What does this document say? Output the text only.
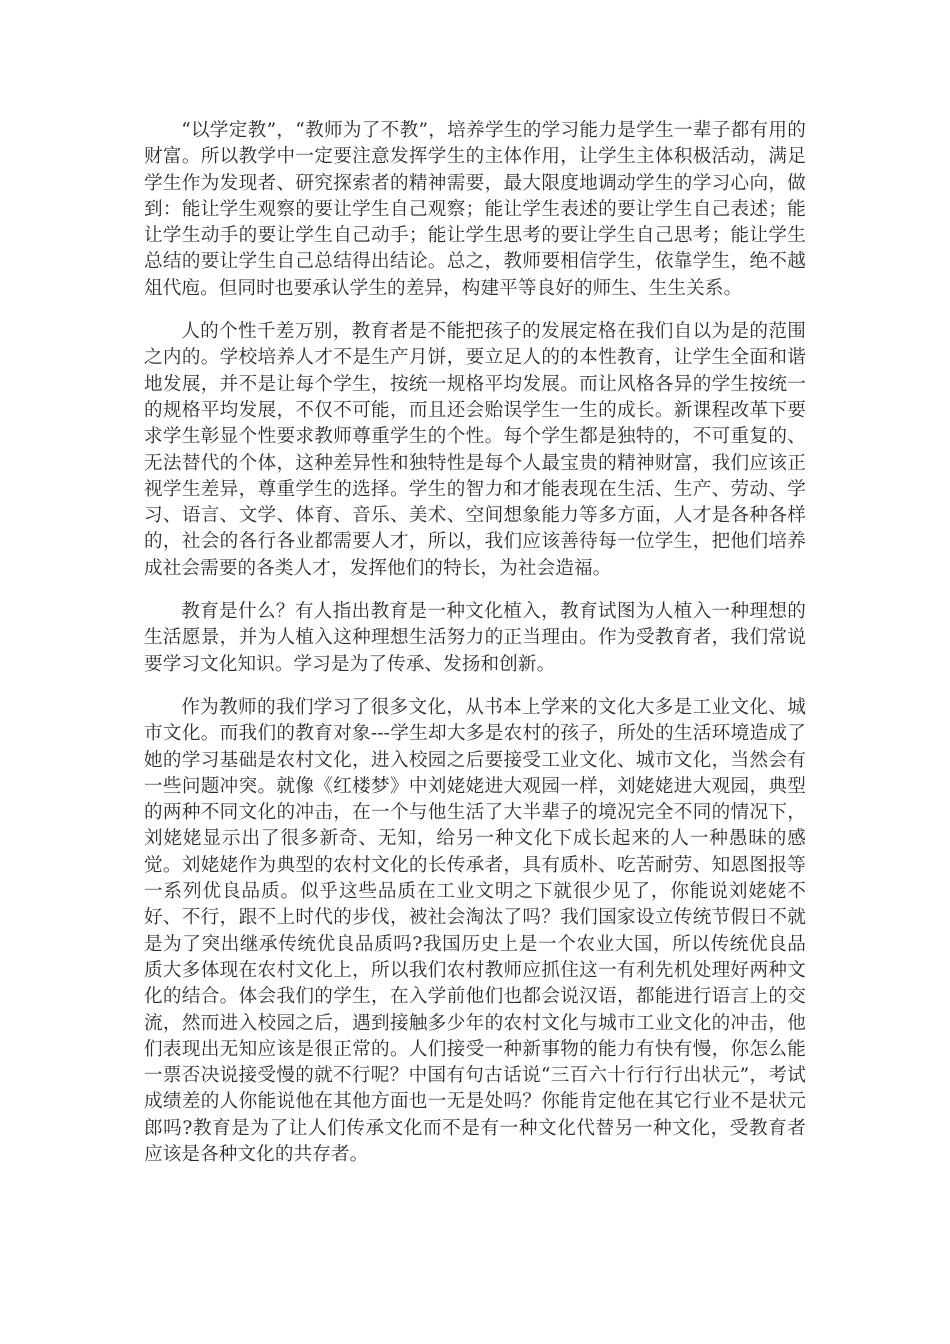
“以学定教”，“教师为了不教”，培养学生的学习能力是学生一辈子都有用的财富。所以教学中一定要注意发挥学生的主体作用，让学生主体积极活动，满足学生作为发现者、研究探索者的精神需要，最大限度地调动学生的学习心向，做到：能让学生观察的要让学生自己观察；能让学生表述的要让学生自己表述；能让学生动手的要让学生自己动手；能让学生思考的要让学生自己思考；能让学生总结的要让学生自己总结得出结论。总之，教师要相信学生，依靠学生，绝不越俎代庖。但同时也要承认学生的差异，构建平等良好的师生、生生关系。

人的个性千差万别，教育者是不能把孩子的发展定格在我们自以为是的范围之内的。学校培养人才不是生产月饼，要立足人的的本性教育，让学生全面和谐地发展，并不是让每个学生，按统一规格平均发展。而让风格各异的学生按统一的规格平均发展，不仅不可能，而且还会贻误学生一生的成长。新课程改革下要求学生彰显个性要求教师尊重学生的个性。每个学生都是独特的，不可重复的、无法替代的个体，这种差异性和独特性是每个人最宝贵的精神财富，我们应该正视学生差异，尊重学生的选择。学生的智力和才能表现在生活、生产、劳动、学习、语言、文学、体育、音乐、美术、空间想象能力等多方面，人才是各种各样的，社会的各行各业都需要人才，所以，我们应该善待每一位学生，把他们培养成社会需要的各类人才，发挥他们的特长，为社会造福。

教育是什么？有人指出教育是一种文化植入，教育试图为人植入一种理想的生活愿景，并为人植入这种理想生活努力的正当理由。作为受教育者，我们常说要学习文化知识。学习是为了传承、发扬和创新。

作为教师的我们学习了很多文化，从书本上学来的文化大多是工业文化、城市文化。而我们的教育对象---学生却大多是农村的孩子，所处的生活环境造成了她的学习基础是农村文化，进入校园之后要接受工业文化、城市文化，当然会有一些问题冲突。就像《红楼梦》中刘姥姥进大观园一样，刘姥姥进大观园，典型的两种不同文化的冲击，在一个与他生活了大半辈子的境况完全不同的情况下，刘姥姥显示出了很多新奇、无知，给另一种文化下成长起来的人一种愚昧的感觉。刘姥姥作为典型的农村文化的长传承者，具有质朴、吃苦耐劳、知恩图报等一系列优良品质。似乎这些品质在工业文明之下就很少见了，你能说刘姥姥不好、不行，跟不上时代的步伐，被社会淘汰了吗？我们国家设立传统节假日不就是为了突出继承传统优良品质吗?我国历史上是一个农业大国，所以传统优良品质大多体现在农村文化上，所以我们农村教师应抓住这一有利先机处理好两种文化的结合。体会我们的学生，在入学前他们也都会说汉语，都能进行语言上的交流，然而进入校园之后，遇到接触多少年的农村文化与城市工业文化的冲击，他们表现出无知应该是很正常的。人们接受一种新事物的能力有快有慢，你怎么能一票否决说接受慢的就不行呢？中国有句古话说“三百六十行行行出状元”，考试成绩差的人你能说他在其他方面也一无是处吗？你能肯定他在其它行业不是状元郎吗?教育是为了让人们传承文化而不是有一种文化代替另一种文化，受教育者应该是各种文化的共存者。
